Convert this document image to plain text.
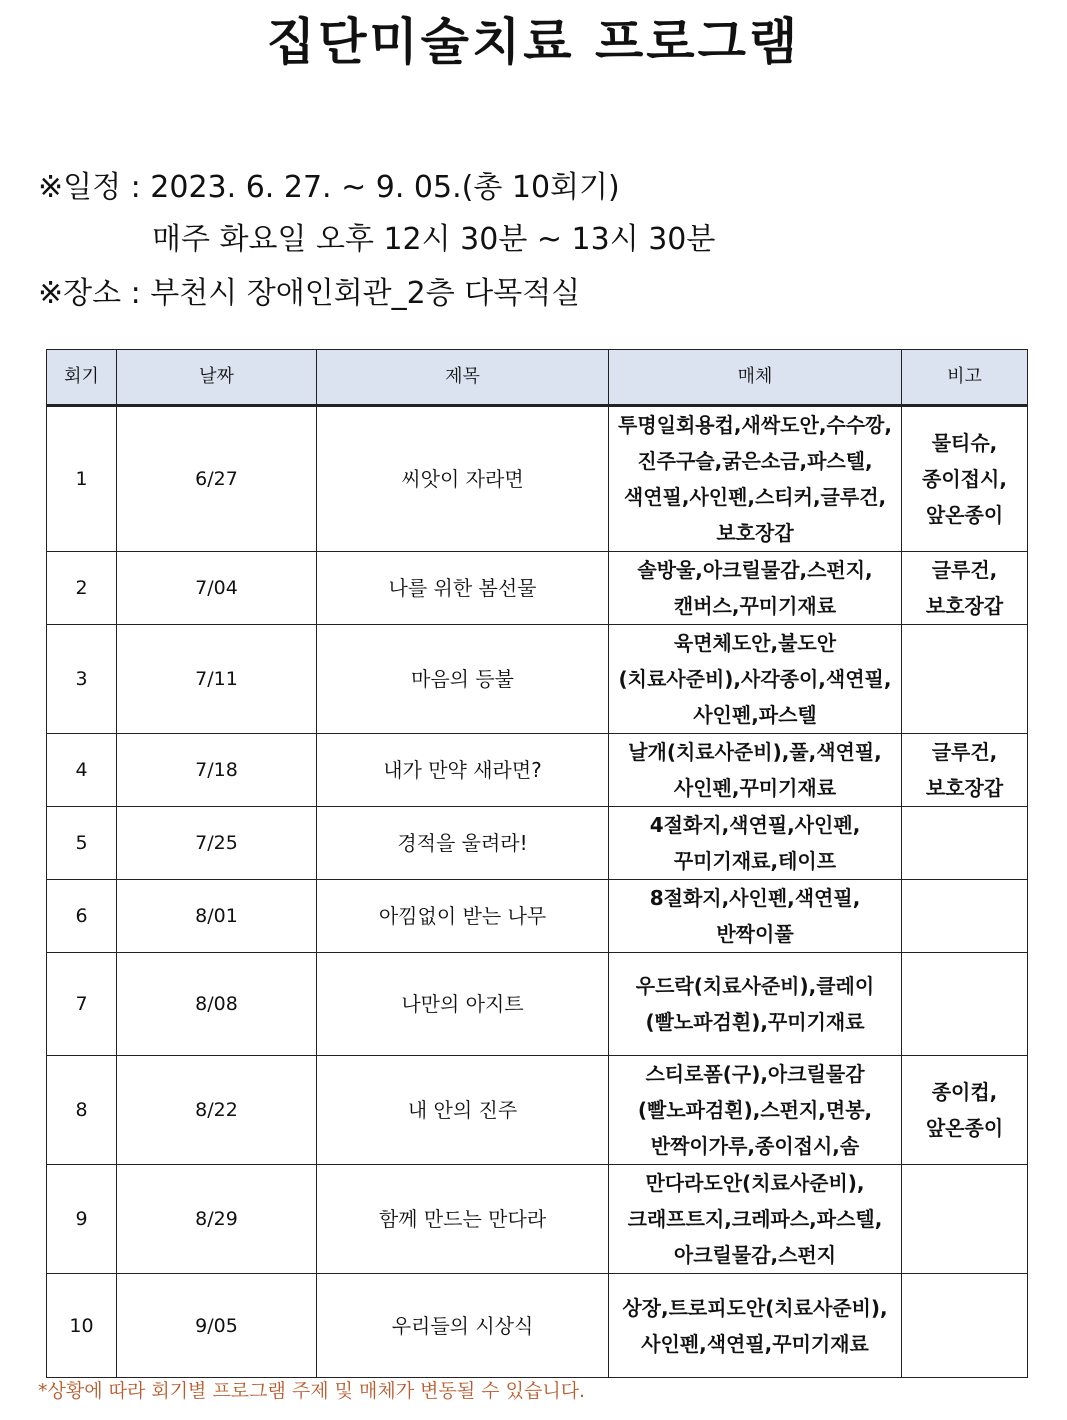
집단미술치료 프로그램
※일정 : 2023. 6. 27. ~ 9. 05.(총 10회기)
매주 화요일 오후 12시 30분 ~ 13시 30분
※장소 : 부천시 장애인회관_2층 다목적실
회기	날짜	제목	매체	비고
1	6/27	씨앗이 자라면	투명일회용컵,새싹도안,수수깡,진주구슬,굵은소금,파스텔,색연필,사인펜,스티커,글루건,보호장갑	물티슈,종이접시,앞온종이
2	7/04	나를 위한 봄선물	솔방울,아크릴물감,스펀지,캔버스,꾸미기재료	글루건,보호장갑
3	7/11	마음의 등불	육면체도안,불도안(치료사준비),사각종이,색연필,사인펜,파스텔	
4	7/18	내가 만약 새라면?	날개(치료사준비),풀,색연필,사인펜,꾸미기재료	글루건,보호장갑
5	7/25	경적을 울려라!	4절화지,색연필,사인펜,꾸미기재료,테이프	
6	8/01	아낌없이 받는 나무	8절화지,사인펜,색연필,반짝이풀	
7	8/08	나만의 아지트	우드락(치료사준비),클레이(빨노파검흰),꾸미기재료	
8	8/22	내 안의 진주	스티로폼(구),아크릴물감(빨노파검흰),스펀지,면봉,반짝이가루,종이접시,솜	종이컵,앞온종이
9	8/29	함께 만드는 만다라	만다라도안(치료사준비),크래프트지,크레파스,파스텔,아크릴물감,스펀지	
10	9/05	우리들의 시상식	상장,트로피도안(치료사준비),사인펜,색연필,꾸미기재료	
*상황에 따라 회기별 프로그램 주제 및 매체가 변동될 수 있습니다.
